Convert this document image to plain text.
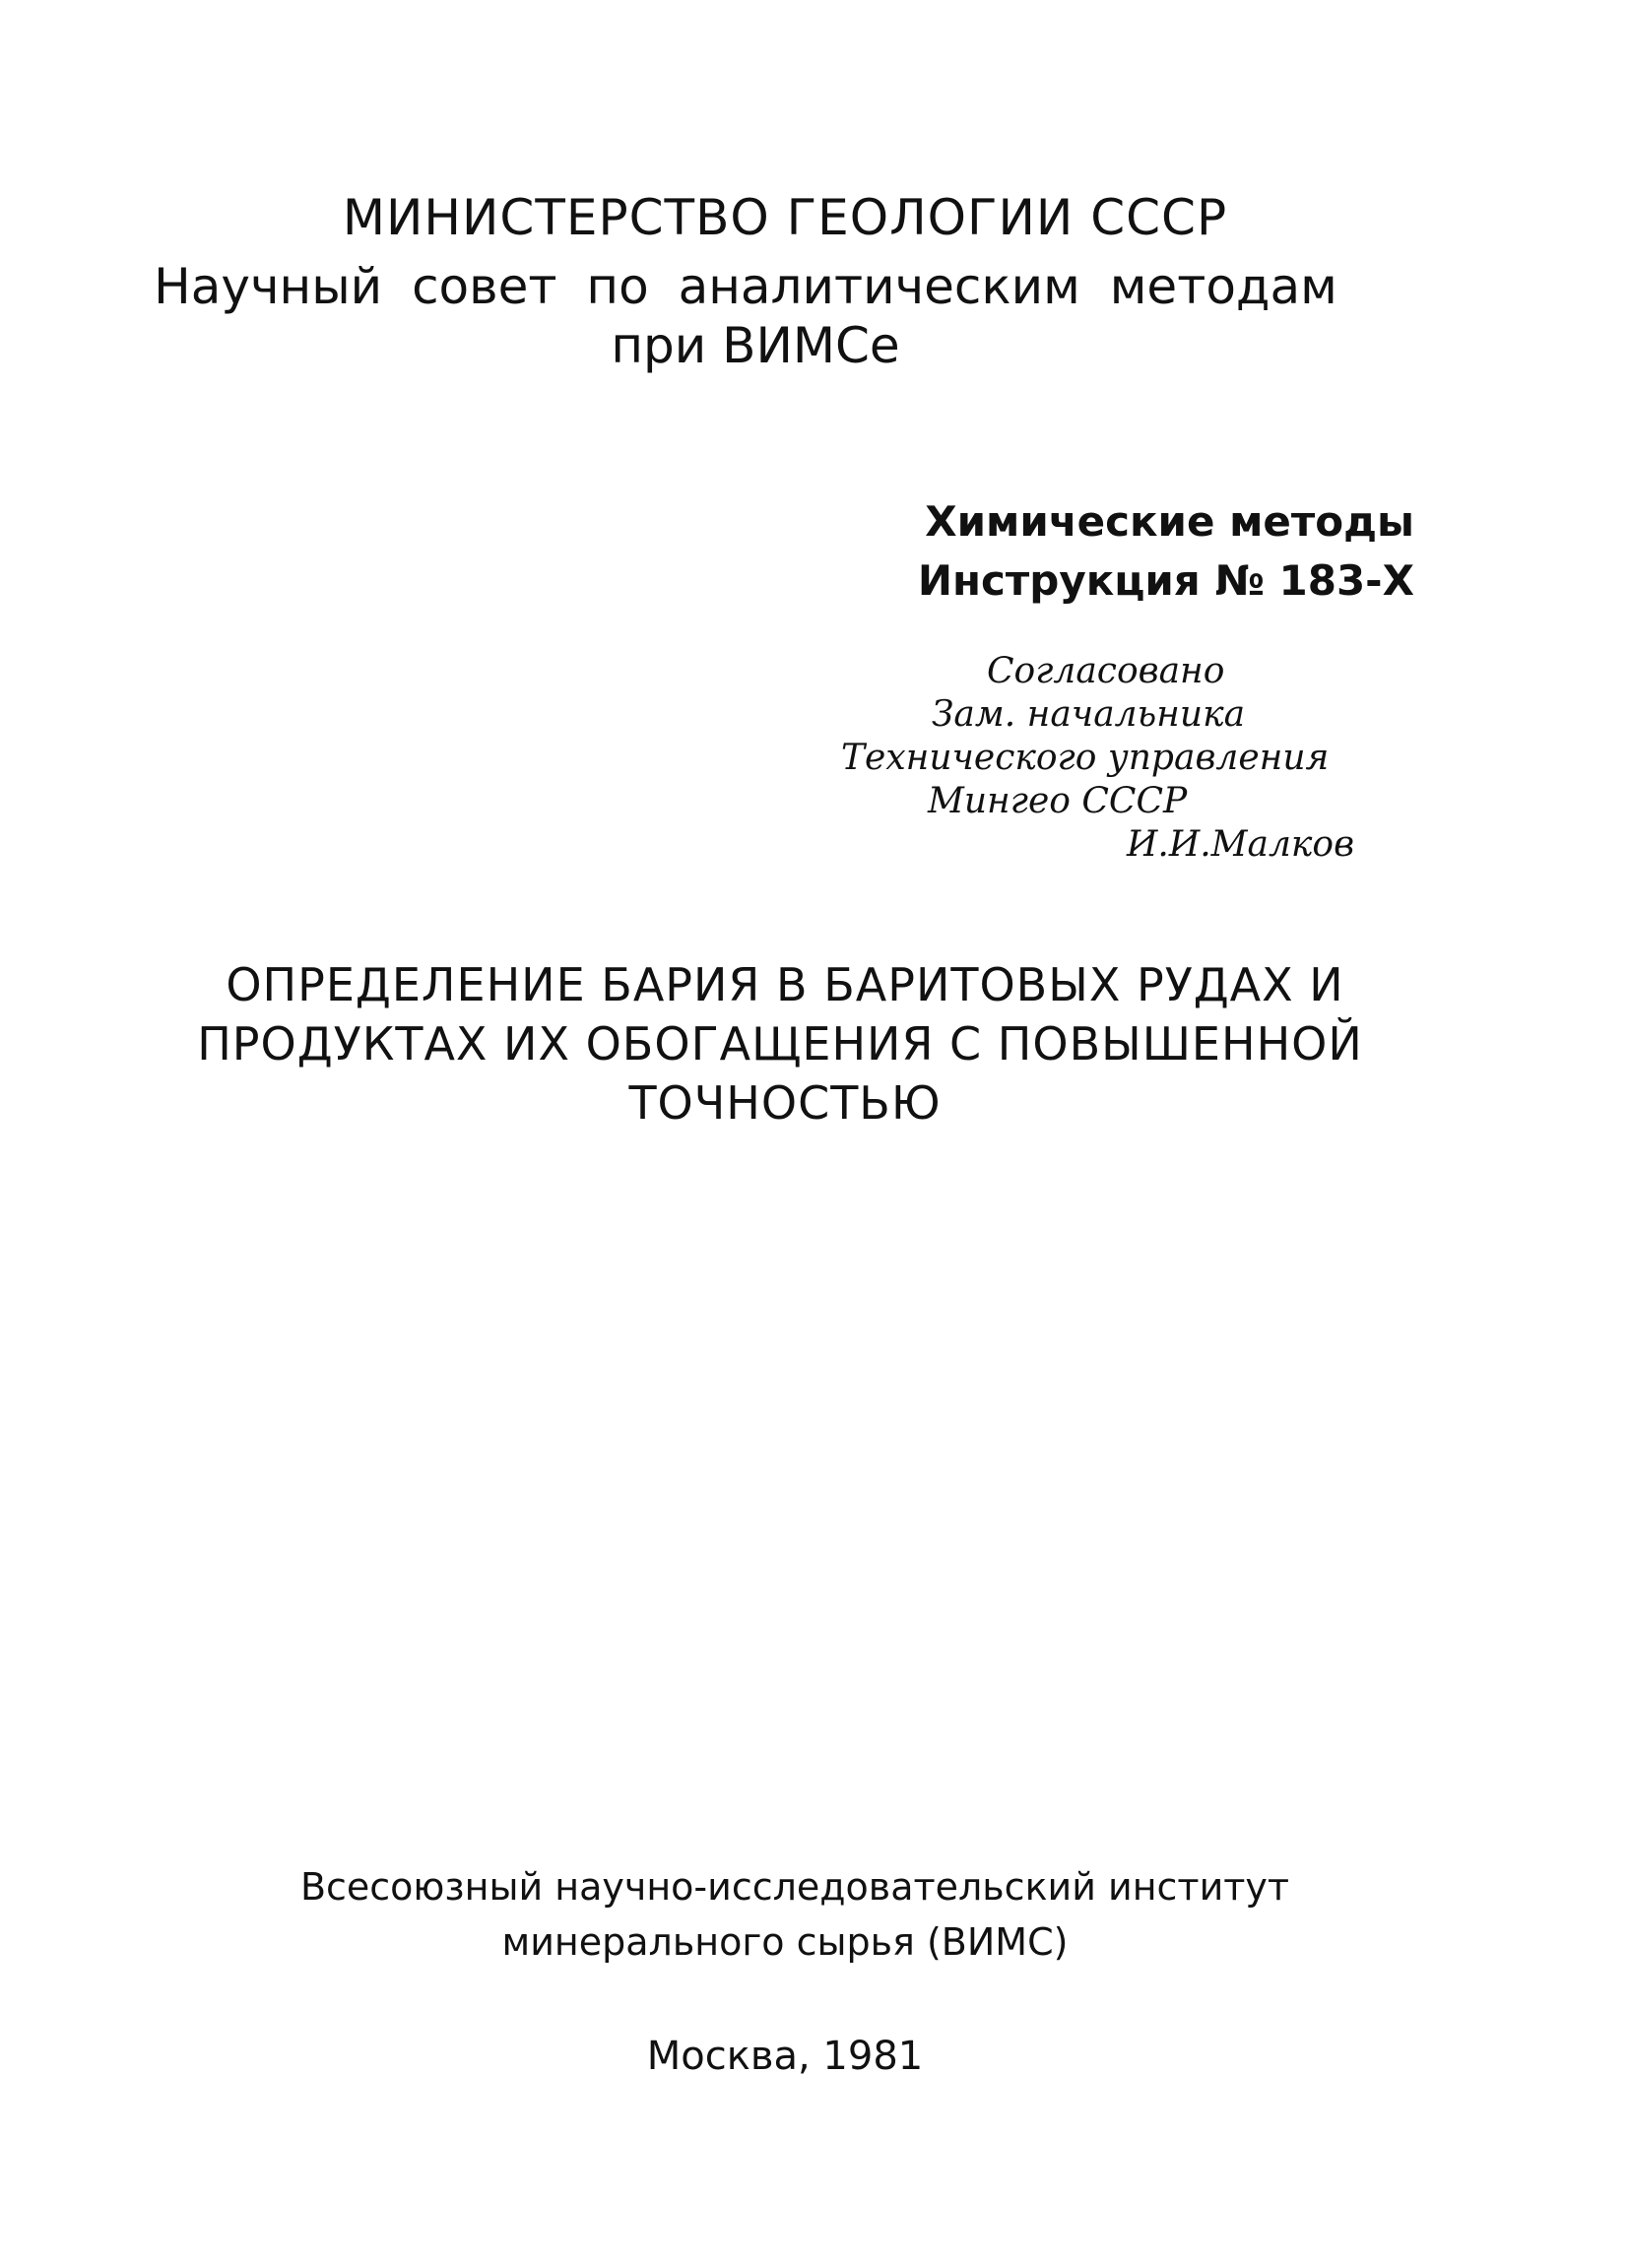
МИНИСТЕРСТВО ГЕОЛОГИИ СССР
Научный совет по аналитическим методам
при ВИМСе
Химические методы
Инструкция № 183-Х
Согласовано
Зам. начальника
Технического управления
Мингео СССР
И.И.Малков
ОПРЕДЕЛЕНИЕ БАРИЯ В БАРИТОВЫХ РУДАХ И
ПРОДУКТАХ ИХ ОБОГАЩЕНИЯ С ПОВЫШЕННОЙ
ТОЧНОСТЬЮ
Всесоюзный научно-исследовательский институт
минерального сырья (ВИМС)
Москва, 1981
